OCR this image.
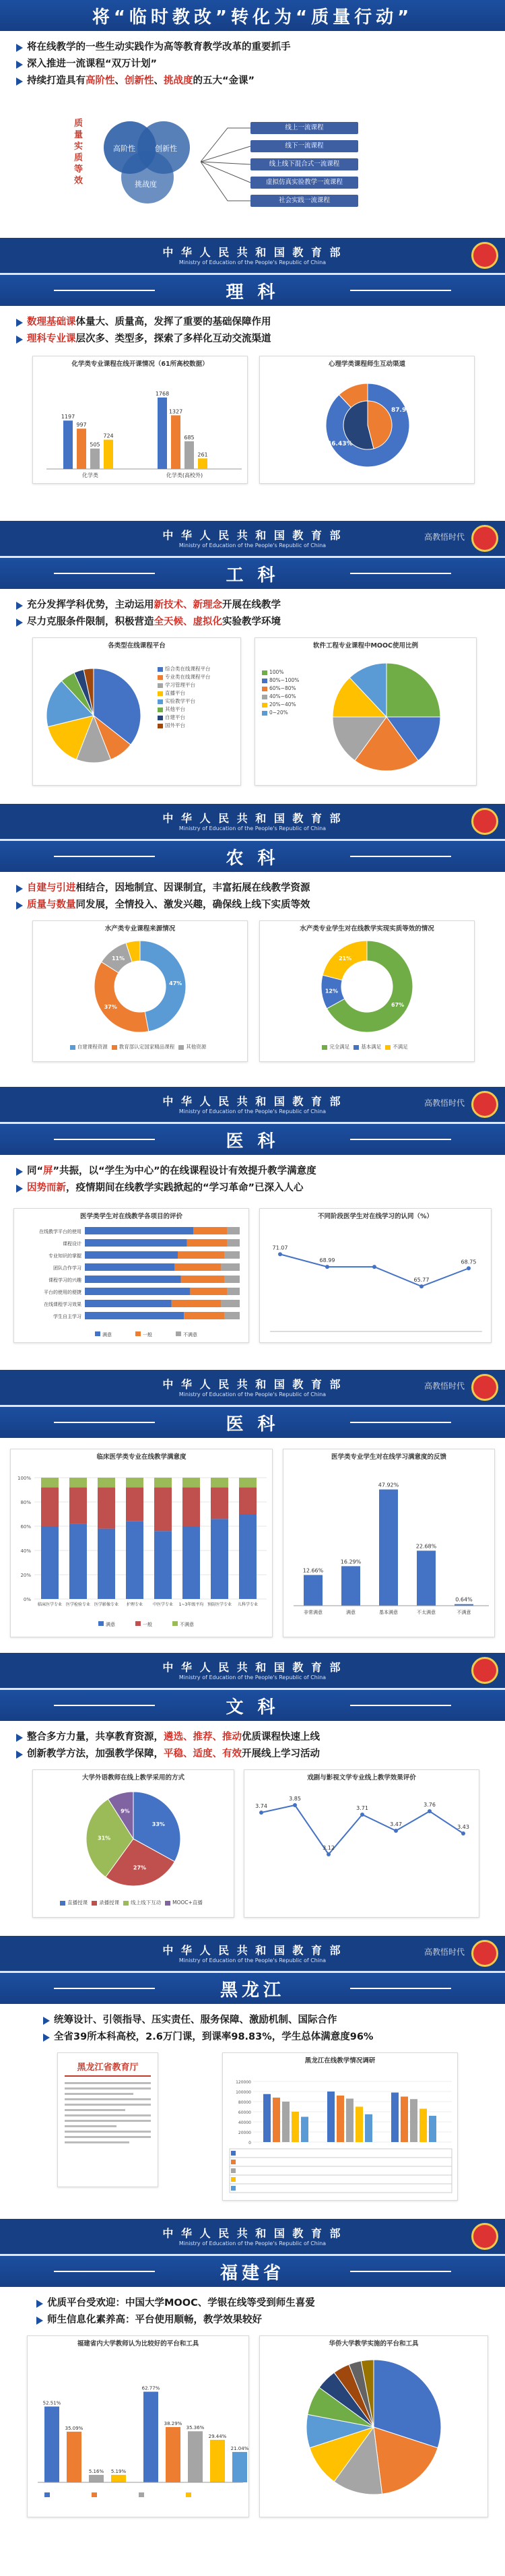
将“临时教改”转化为“质量行动”
将在线教学的一些生动实践作为高等教育教学改革的重要抓手
深入推进一流课程“双万计划”
持续打造具有高阶性、创新性、挑战度的五大“金课”
质量实质等效
高阶性	创新性
挑战度
线上一流课程
线下一流课程
线上线下混合式一流课程
虚拟仿真实验教学一流课程
社会实践一流课程
中 华 人 民 共 和 国 教 育 部
Ministry of Education of the People's Republic of China
理 科
数理基础课体量大、质量高，发挥了重要的基础保障作用
理科专业课层次多、类型多，探索了多样化互动交流渠道
化学类专业课程在线开课情况（61所高校数据）
1197
997
505
724
化学类
1768
1327
685
261
化学类(高校外)
心理学类课程师生互动渠道
87.96%
46.43%
中 华 人 民 共 和 国 教 育 部
Ministry of Education of the People's Republic of China
高教悟时代
工 科
充分发挥学科优势，主动运用新技术、新理念开展在线教学
尽力克服条件限制，积极营造全天候、虚拟化实验教学环境
各类型在线课程平台
综合类在线课程平台
专业类在线课程平台
学习管理平台
直播平台
实验教学平台
其他平台
自建平台
国外平台
软件工程专业课程中MOOC使用比例
100%
80%~100%
60%~80%
40%~60%
20%~40%
0~20%
中 华 人 民 共 和 国 教 育 部
Ministry of Education of the People's Republic of China
农 科
自建与引进相结合，因地制宜、因课制宜，丰富拓展在线教学资源
质量与数量同发展，全情投入、激发兴趣，确保线上线下实质等效
水产类专业课程来源情况
47%
37%
11%
自建课程资源 教育部认定国家精品课程 其他资源
水产类专业学生对在线教学实现实质等效的情况
67%
12%
21%
完全满足 基本满足 不满足
中 华 人 民 共 和 国 教 育 部
Ministry of Education of the People's Republic of China
高教悟时代
医 科
同“屏”共振，以“学生为中心”的在线课程设计有效提升教学满意度
因势而新，疫情期间在线教学实践掀起的“学习革命”已深入人心
医学类学生对在线教学各项目的评价
在线教学平台的使用
课程设计
专业知识的掌握
团队合作学习
课程学习的兴趣
平台的使用的便捷
在线课程学习效果
学生自主学习
满意	一般	不满意
不同阶段医学生对在线学习的认同（%）
71.07
68.99
65.77
68.75
中 华 人 民 共 和 国 教 育 部
Ministry of Education of the People's Republic of China
高教悟时代
医 科
临床医学类专业在线教学满意度
0%
20%
40%
60%
80%
100%
临床医学专业 医学检验专业 医学影像专业 护理专业 中医学专业 1~3年级平均 预防医学专业 儿科学专业
满意	一般	不满意
医学类专业学生对在线学习满意度的反馈
12.66%
非常满意
16.29%
满意
47.92%
基本满意
22.68%
不太满意
0.64%
不满意
中 华 人 民 共 和 国 教 育 部
Ministry of Education of the People's Republic of China
文 科
整合多方力量，共享教育资源，遴选、推荐、推动优质课程快速上线
创新教学方法，加强教学保障，平稳、适度、有效开展线上学习活动
大学外语教师在线上教学采用的方式
33%
27%
31%
9%
直播授课 录播授课 线上线下互动 MOOC+直播
戏剧与影视文学专业线上教学效果评价
3.74
3.85
3.12
3.71
3.47
3.76
3.43
中 华 人 民 共 和 国 教 育 部
Ministry of Education of the People's Republic of China
高教悟时代
黑龙江
统筹设计、引领指导、压实责任、服务保障、激励机制、国际合作
全省39所本科高校，2.6万门课，到课率98.83%，学生总体满意度96%
黑龙江省教育厅
黑龙江在线教学情况调研
0
20000
40000
60000
80000
100000
120000
中 华 人 民 共 和 国 教 育 部
Ministry of Education of the People's Republic of China
福建省
优质平台受欢迎：中国大学MOOC、学银在线等受到师生喜爱
师生信息化素养高：平台使用顺畅，教学效果较好
福建省内大学教师认为比较好的平台和工具
52.51%
35.09%
5.16% 5.19%
62.77%
38.29%
35.36%
29.44%
21.04%
华侨大学教学实施的平台和工具
